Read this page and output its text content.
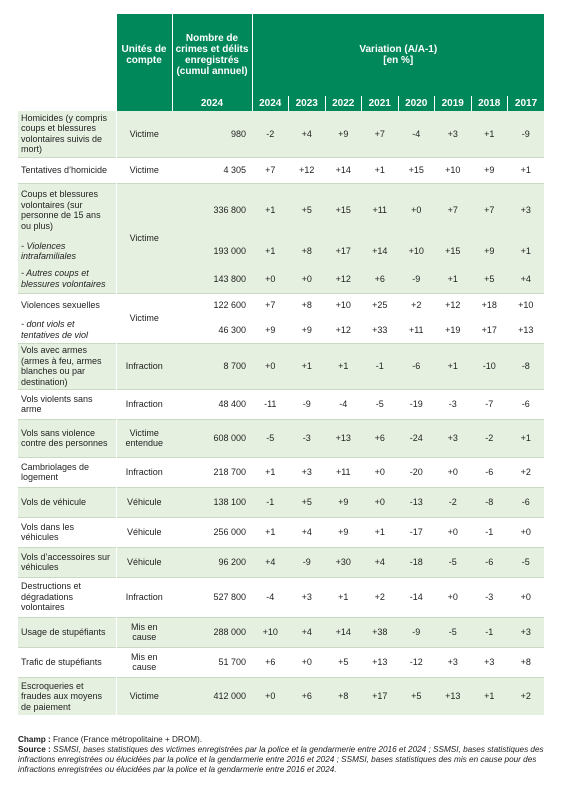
	Unités de compte	Nombre de crimes et délits enregistrés (cumul annuel)	Variation (A/A-1)
[en %]							

		2024	2024	2023	2022	2021	2020	2019	2018	2017
Homicides (y compris coups et blessures volontaires suivis de mort)	Victime	980	-2	+4	+9	+7	-4	+3	+1	-9
Tentatives d’homicide	Victime	4 305	+7	+12	+14	+1	+15	+10	+9	+1
Coups et blessures volontaires (sur personne de 15 ans ou plus)	Victime	336 800	+1	+5	+15	+11	+0	+7	+7	+3
- Violences intrafamiliales		193 000	+1	+8	+17	+14	+10	+15	+9	+1
- Autres coups et blessures volontaires		143 800	+0	+0	+12	+6	-9	+1	+5	+4
Violences sexuelles	Victime	122 600	+7	+8	+10	+25	+2	+12	+18	+10
- dont viols et tentatives de viol		46 300	+9	+9	+12	+33	+11	+19	+17	+13
Vols avec armes (armes à feu, armes blanches ou par destination)	Infraction	8 700	+0	+1	+1	-1	-6	+1	-10	-8
Vols violents sans arme	Infraction	48 400	-11	-9	-4	-5	-19	-3	-7	-6
Vols sans violence contre des personnes	Victime entendue	608 000	-5	-3	+13	+6	-24	+3	-2	+1
Cambriolages de logement	Infraction	218 700	+1	+3	+11	+0	-20	+0	-6	+2
Vols de véhicule	Véhicule	138 100	-1	+5	+9	+0	-13	-2	-8	-6
Vols dans les véhicules	Véhicule	256 000	+1	+4	+9	+1	-17	+0	-1	+0
Vols d’accessoires sur véhicules	Véhicule	96 200	+4	-9	+30	+4	-18	-5	-6	-5
Destructions et dégradations volontaires	Infraction	527 800	-4	+3	+1	+2	-14	+0	-3	+0
Usage de stupéfiants	Mis en cause	288 000	+10	+4	+14	+38	-9	-5	-1	+3
Trafic de stupéfiants	Mis en cause	51 700	+6	+0	+5	+13	-12	+3	+3	+8
Escroqueries et fraudes aux moyens de paiement	Victime	412 000	+0	+6	+8	+17	+5	+13	+1	+2
Champ : France (France métropolitaine + DROM).
Source : SSMSI, bases statistiques des victimes enregistrées par la police et la gendarmerie entre 2016 et 2024 ; SSMSI, bases statistiques des infractions enregistrées ou élucidées par la police et la gendarmerie entre 2016 et 2024 ; SSMSI, bases statistiques des mis en cause pour des infractions enregistrées ou élucidées par la police et la gendarmerie entre 2016 et 2024.
